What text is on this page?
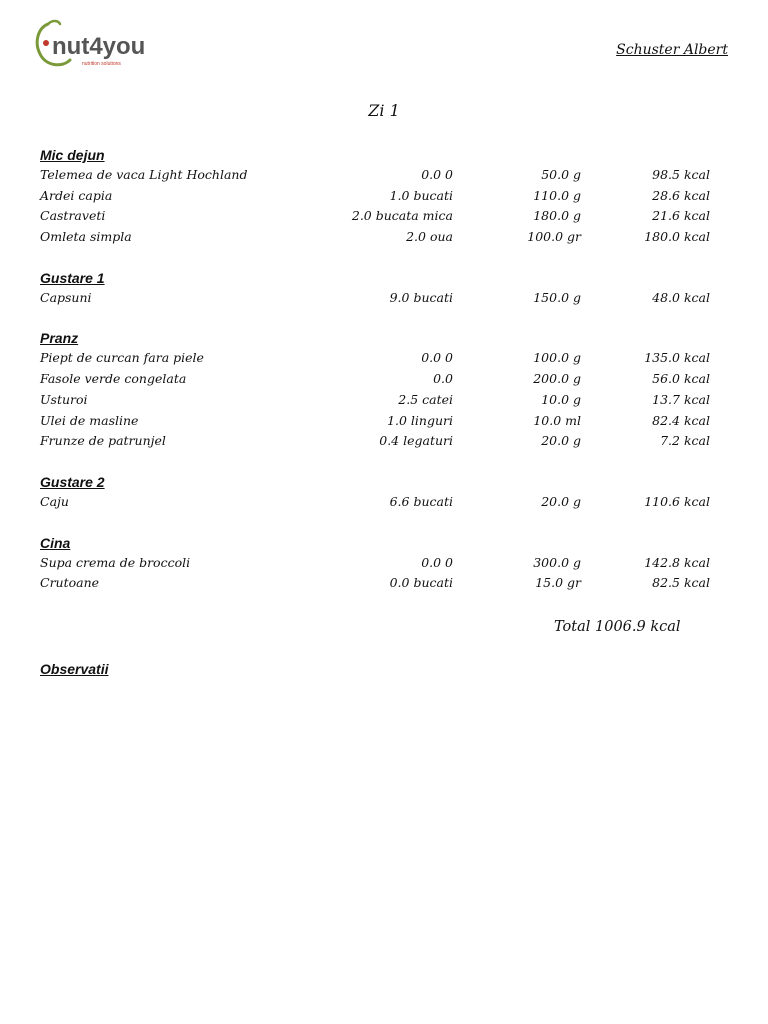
nut4you
nutrition solutions
Schuster Albert
Zi 1
Mic dejun
Telemea de vaca Light Hochland	0.0 0	50.0 g	98.5 kcal
Ardei capia	1.0 bucati	110.0 g	28.6 kcal
Castraveti	2.0 bucata mica	180.0 g	21.6 kcal
Omleta simpla	2.0 oua	100.0 gr	180.0 kcal
Gustare 1
Capsuni	9.0 bucati	150.0 g	48.0 kcal
Pranz
Piept de curcan fara piele	0.0 0	100.0 g	135.0 kcal
Fasole verde congelata	0.0	200.0 g	56.0 kcal
Usturoi	2.5 catei	10.0 g	13.7 kcal
Ulei de masline	1.0 linguri	10.0 ml	82.4 kcal
Frunze de patrunjel	0.4 legaturi	20.0 g	7.2 kcal
Gustare 2
Caju	6.6 bucati	20.0 g	110.6 kcal
Cina
Supa crema de broccoli	0.0 0	300.0 g	142.8 kcal
Crutoane	0.0 bucati	15.0 gr	82.5 kcal
Total 1006.9 kcal
Observatii
